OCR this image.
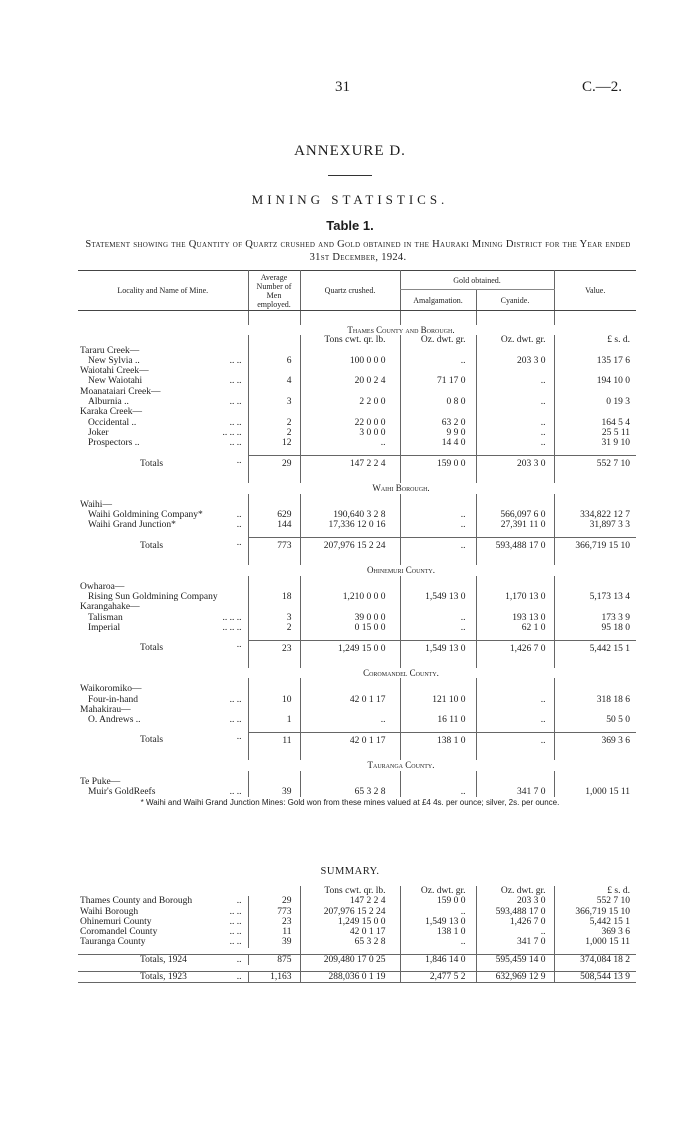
31	C.—2.
ANNEXURE D.
MINING STATISTICS.
Table 1.
Statement showing the Quantity of Quartz crushed and Gold obtained in the Hauraki Mining District for the Year ended 31st December, 1924.
Locality and Name of Mine.	Average Number of Men employed.	Quartz crushed.	Gold obtained.		Value.
			Amalgamation.	Cyanide.	

	Thames County and Borough.				
		Tons cwt. qr. lb.	Oz. dwt. gr.	Oz. dwt. gr.	£ s. d.
Tararu Creek—					
New Sylvia .. .. ..	6	100 0 0 0	..	203 3 0	135 17 6
Waiotahi Creek—					
New Waiotahi .. ..	4	20 0 2 4	71 17 0	..	194 10 0
Moanataiari Creek—					
Alburnia .. .. ..	3	2 2 0 0	0 8 0	..	0 19 3
Karaka Creek—					
Occidental .. .. ..	2	22 0 0 0	63 2 0	..	164 5 4
Joker .. .. ..	2	3 0 0 0	9 9 0	..	25 5 11
Prospectors .. .. ..	12	..	14 4 0	..	31 9 10

Totals ..	29	147 2 2 4	159 0 0	203 3 0	552 7 10

	Waihi Borough.				

Waihi—					
Waihi Goldmining Company* ..	629	190,640 3 2 8	..	566,097 6 0	334,822 12 7
Waihi Grand Junction* ..	144	17,336 12 0 16	..	27,391 11 0	31,897 3 3

Totals ..	773	207,976 15 2 24	..	593,488 17 0	366,719 15 10

	Ohinemuri County.				

Owharoa—					
Rising Sun Goldmining Company	18	1,210 0 0 0	1,549 13 0	1,170 13 0	5,173 13 4
Karangahake—					
Talisman .. .. ..	3	39 0 0 0	..	193 13 0	173 3 9
Imperial .. .. ..	2	0 15 0 0	..	62 1 0	95 18 0

Totals ..	23	1,249 15 0 0	1,549 13 0	1,426 7 0	5,442 15 1

	Coromandel County.				

Waikoromiko—					
Four-in-hand .. ..	10	42 0 1 17	121 10 0	..	318 18 6
Mahakirau—					
O. Andrews .. .. ..	1	..	16 11 0	..	50 5 0

Totals ..	11	42 0 1 17	138 1 0	..	369 3 6

	Tauranga County.				

Te Puke—					
Muir's GoldReefs .. ..	39	65 3 2 8	..	341 7 0	1,000 15 11
* Waihi and Waihi Grand Junction Mines: Gold won from these mines valued at £4 4s. per ounce; silver, 2s. per ounce.
SUMMARY.
		Tons cwt. qr. lb.	Oz. dwt. gr.	Oz. dwt. gr.	£ s. d.
Thames County and Borough ..	29	147 2 2 4	159 0 0	203 3 0	552 7 10
Waihi Borough .. ..	773	207,976 15 2 24	..	593,488 17 0	366,719 15 10
Ohinemuri County .. ..	23	1,249 15 0 0	1,549 13 0	1,426 7 0	5,442 15 1
Coromandel County .. ..	11	42 0 1 17	138 1 0	..	369 3 6
Tauranga County .. ..	39	65 3 2 8	..	341 7 0	1,000 15 11

Totals, 1924 ..	875	209,480 17 0 25	1,846 14 0	595,459 14 0	374,084 18 2

Totals, 1923 ..	1,163	288,036 0 1 19	2,477 5 2	632,969 12 9	508,544 13 9
